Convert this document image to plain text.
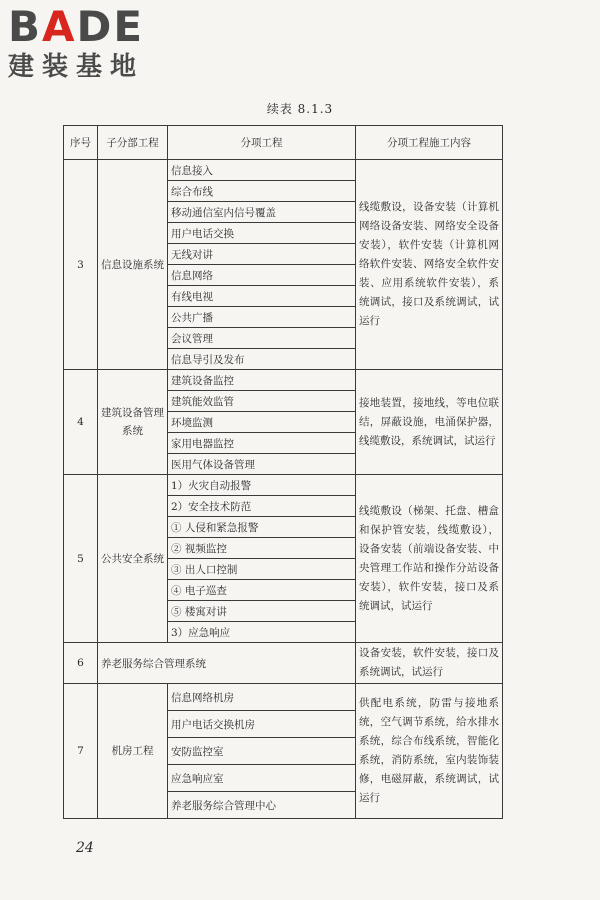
BADE
建装基地
续表 8.1.3
序号	子分部工程	分项工程	分项工程施工内容
3	信息设施系统	信息接入	线缆敷设，设备安装（计算机网络设备安装、网络安全设备安装），软件安装（计算机网络软件安装、网络安全软件安装、应用系统软件安装），系统调试，接口及系统调试，试运行
		综合布线	
		移动通信室内信号覆盖	
		用户电话交换	
		无线对讲	
		信息网络	
		有线电视	
		公共广播	
		会议管理	
		信息导引及发布	
4	建筑设备管理系统	建筑设备监控	接地装置，接地线，等电位联结，屏蔽设施，电涌保护器，线缆敷设，系统调试，试运行
		建筑能效监管	
		环境监测	
		家用电器监控	
		医用气体设备管理	
5	公共安全系统	1）火灾自动报警	线缆敷设（梯架、托盘、槽盒和保护管安装，线缆敷设），设备安装（前端设备安装、中央管理工作站和操作分站设备安装），软件安装，接口及系统调试，试运行
		2）安全技术防范	
		① 人侵和紧急报警	
		② 视频监控	
		③ 出人口控制	
		④ 电子巡查	
		⑤ 楼寓对讲	
		3）应急响应	
6	养老服务综合管理系统		设备安装，软件安装，接口及系统调试，试运行
7	机房工程	信息网络机房	供配电系统，防雷与接地系统，空气调节系统，给水排水系统，综合布线系统，智能化系统，消防系统，室内装饰装修，电磁屏蔽，系统调试，试运行
		用户电话交换机房	
		安防监控室	
		应急响应室	
		养老服务综合管理中心	
24
